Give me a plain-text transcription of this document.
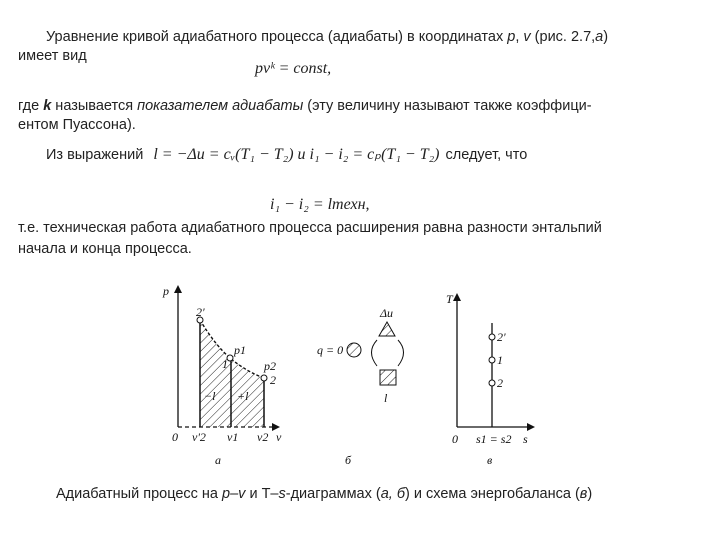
Уравнение кривой адиабатного процесса (адиабаты) в координатах p, v (рис. 2.7,а)
имеет вид
pvᵏ = const,
где k называется показателем адиабаты (эту величину называют также коэффици-
ентом Пуассона).
Из выражений l = −Δu = cᵥ(T₁ − T₂) и i₁ − i₂ = cₚ(T₁ − T₂) следует, что
i₁ − i₂ = lтехн,
т.е. техническая работа адиабатного процесса расширения равна разности энтальпий
начала и конца процесса.
p
2'
p1
p2
2
1
−l +l
0 v'2 v1 v2 v
а
q = 0
Δu
l
б
T
2'
1
2
0 s1 = s2 s
в
Адиабатный процесс на p–v и T–s-диаграммах (а, б) и схема энергобаланса (в)
